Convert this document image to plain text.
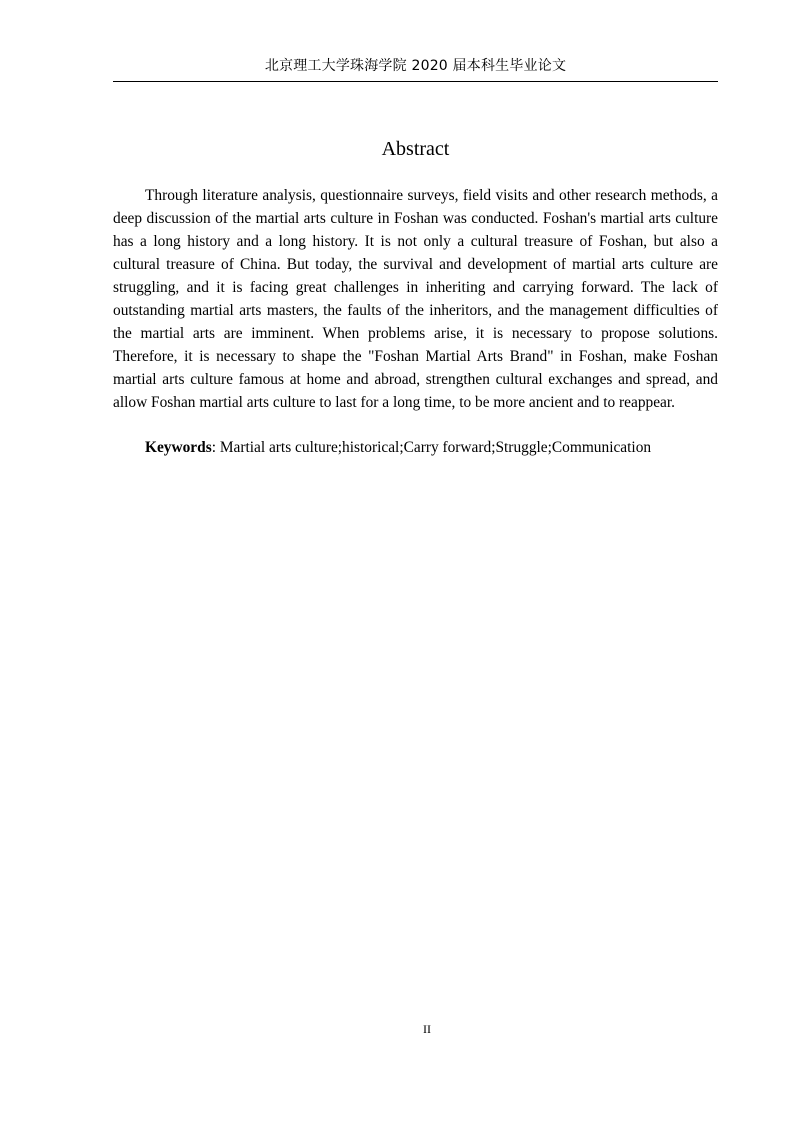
北京理工大学珠海学院 2020 届本科生毕业论文
Abstract

Through literature analysis, questionnaire surveys, field visits and other research methods, a deep discussion of the martial arts culture in Foshan was conducted. Foshan's martial arts culture has a long history and a long history. It is not only a cultural treasure of Foshan, but also a cultural treasure of China. But today, the survival and development of martial arts culture are struggling, and it is facing great challenges in inheriting and carrying forward. The lack of outstanding martial arts masters, the faults of the inheritors, and the management difficulties of the martial arts are imminent. When problems arise, it is necessary to propose solutions. Therefore, it is necessary to shape the "Foshan Martial Arts Brand" in Foshan, make Foshan martial arts culture famous at home and abroad, strengthen cultural exchanges and spread, and allow Foshan martial arts culture to last for a long time, to be more ancient and to reappear.

Keywords: Martial arts culture;historical;Carry forward;Struggle;Communication

II
